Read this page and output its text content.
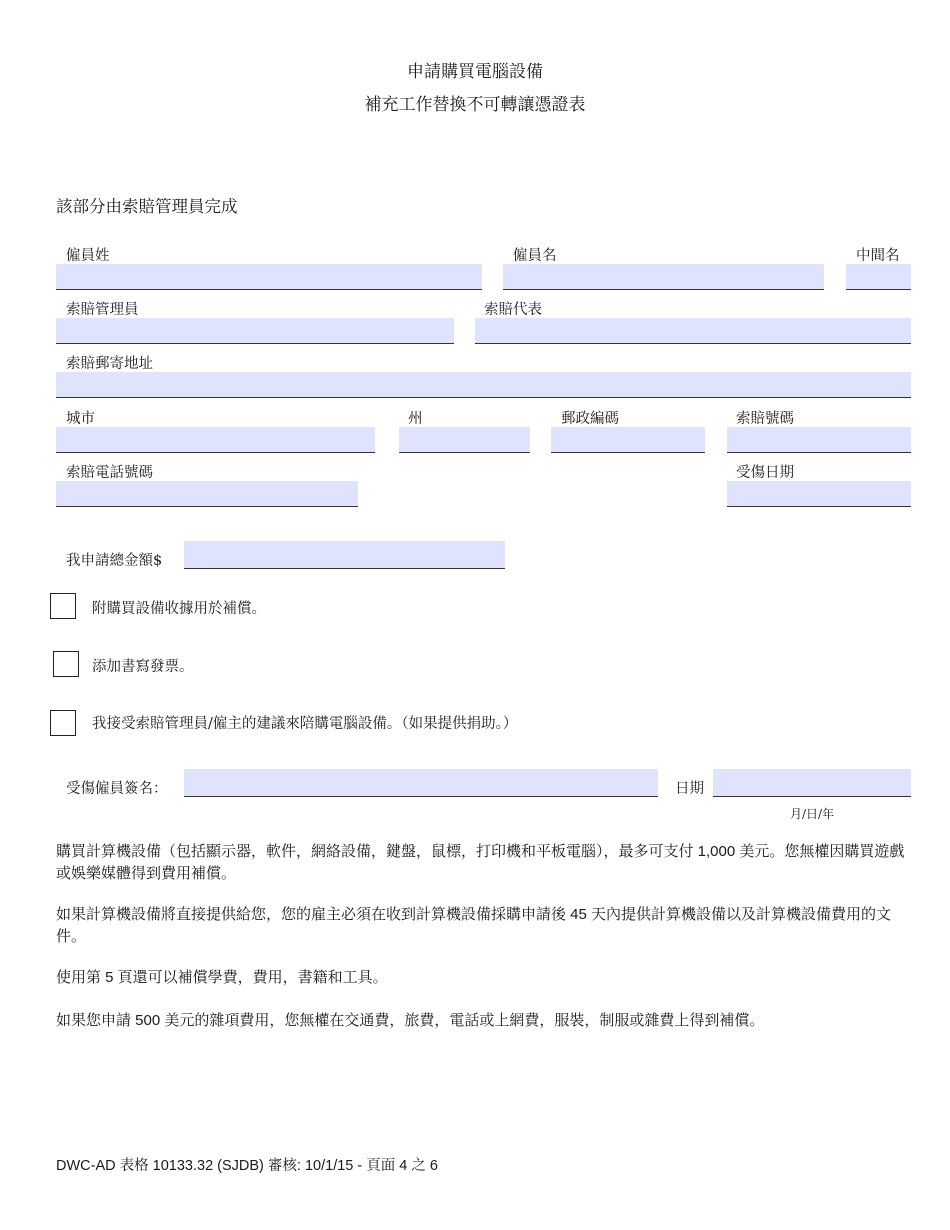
申請購買電腦設備
補充工作替換不可轉讓憑證表
該部分由索賠管理員完成
僱員姓	僱員名	中間名
索賠管理員	索賠代表
索賠郵寄地址
城市	州	郵政編碼	索賠號碼
索賠電話號碼	受傷日期
我申請總金額$
附購買設備收據用於補償。
添加書寫發票。
我接受索賠管理員/僱主的建議來陪購電腦設備。（如果提供捐助。）
受傷僱員簽名：	日期
月/日/年
購買計算機設備（包括顯示器，軟件，網絡設備，鍵盤，鼠標，打印機和平板電腦），最多可支付 1,000 美元。您無權因購買遊戲或娛樂媒體得到費用補償。
如果計算機設備將直接提供給您，您的雇主必須在收到計算機設備採購申請後 45 天內提供計算機設備以及計算機設備費用的文件。
使用第 5 頁還可以補償學費，費用，書籍和工具。
如果您申請 500 美元的雜項費用，您無權在交通費，旅費，電話或上網費，服裝，制服或雜費上得到補償。
DWC-AD 表格 10133.32 (SJDB) 審核: 10/1/15 - 頁面 4 之 6
